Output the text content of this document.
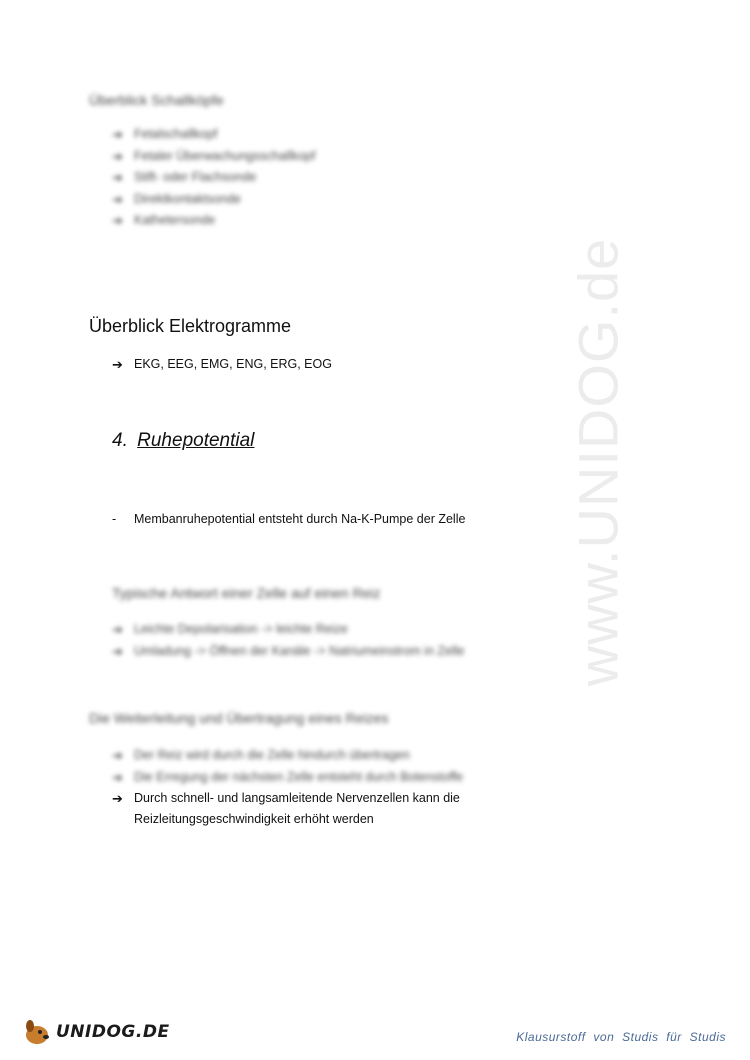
www.UNIDOG.de
Überblick Schallköpfe
➔ Fetalschallkopf
➔ Fetaler Überwachungsschallkopf
➔ Stift- oder Flachsonde
➔ Direktkontaktsonde
➔ Kathetersonde
Überblick Elektrogramme
➔ EKG, EEG, EMG, ENG, ERG, EOG
4. Ruhepotential
-	Membanruhepotential entsteht durch Na-K-Pumpe der Zelle
Typische Antwort einer Zelle auf einen Reiz
➔ Leichte Depolarisation -> leichte Reize
➔ Umladung -> Öffnen der Kanäle -> Natriumeinstrom in Zelle
Die Weiterleitung und Übertragung eines Reizes
➔ Der Reiz wird durch die Zelle hindurch übertragen
➔ Die Erregung der nächsten Zelle entsteht durch Botenstoffe
➔ Durch schnell- und langsamleitende Nervenzellen kann die
Reizleitungsgeschwindigkeit erhöht werden
UNIDOG.DE	Klausurstoff von Studis für Studis
